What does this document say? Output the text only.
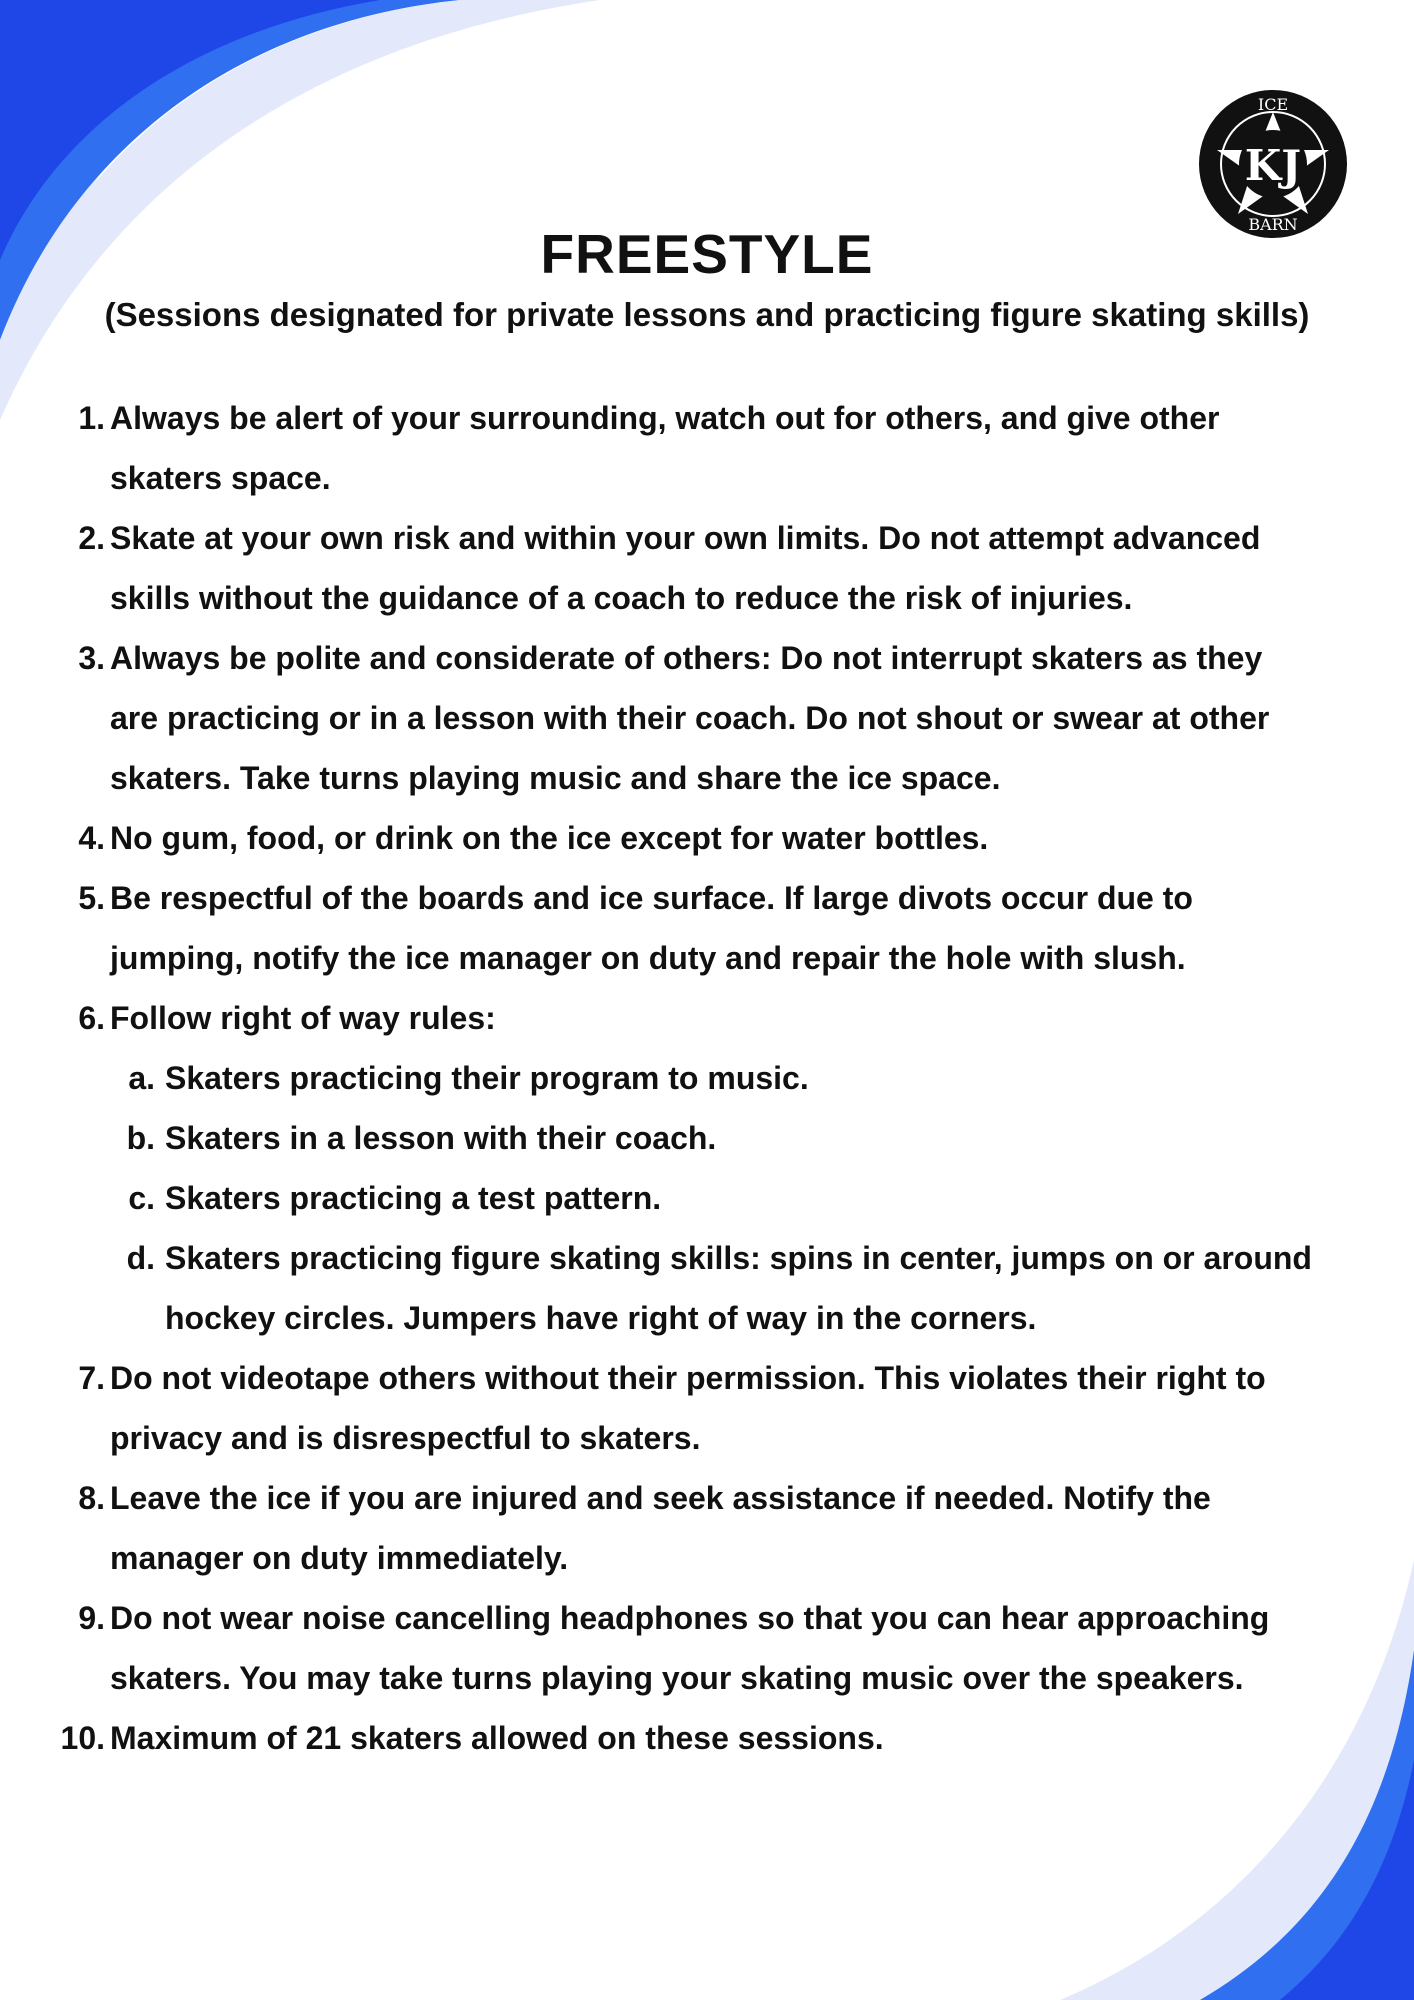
KJ
ICE
BARN
FREESTYLE

(Sessions designated for private lessons and practicing figure skating skills)

1. Always be alert of your surrounding, watch out for others, and give other
skaters space.
2. Skate at your own risk and within your own limits. Do not attempt advanced
skills without the guidance of a coach to reduce the risk of injuries.
3. Always be polite and considerate of others: Do not interrupt skaters as they
are practicing or in a lesson with their coach. Do not shout or swear at other
skaters. Take turns playing music and share the ice space.
4. No gum, food, or drink on the ice except for water bottles.
5. Be respectful of the boards and ice surface. If large divots occur due to
jumping, notify the ice manager on duty and repair the hole with slush.
6. Follow right of way rules:
a. Skaters practicing their program to music.
b. Skaters in a lesson with their coach.
c. Skaters practicing a test pattern.
d. Skaters practicing figure skating skills: spins in center, jumps on or around
hockey circles. Jumpers have right of way in the corners.
7. Do not videotape others without their permission. This violates their right to
privacy and is disrespectful to skaters.
8. Leave the ice if you are injured and seek assistance if needed. Notify the
manager on duty immediately.
9. Do not wear noise cancelling headphones so that you can hear approaching
skaters. You may take turns playing your skating music over the speakers.
10. Maximum of 21 skaters allowed on these sessions.
